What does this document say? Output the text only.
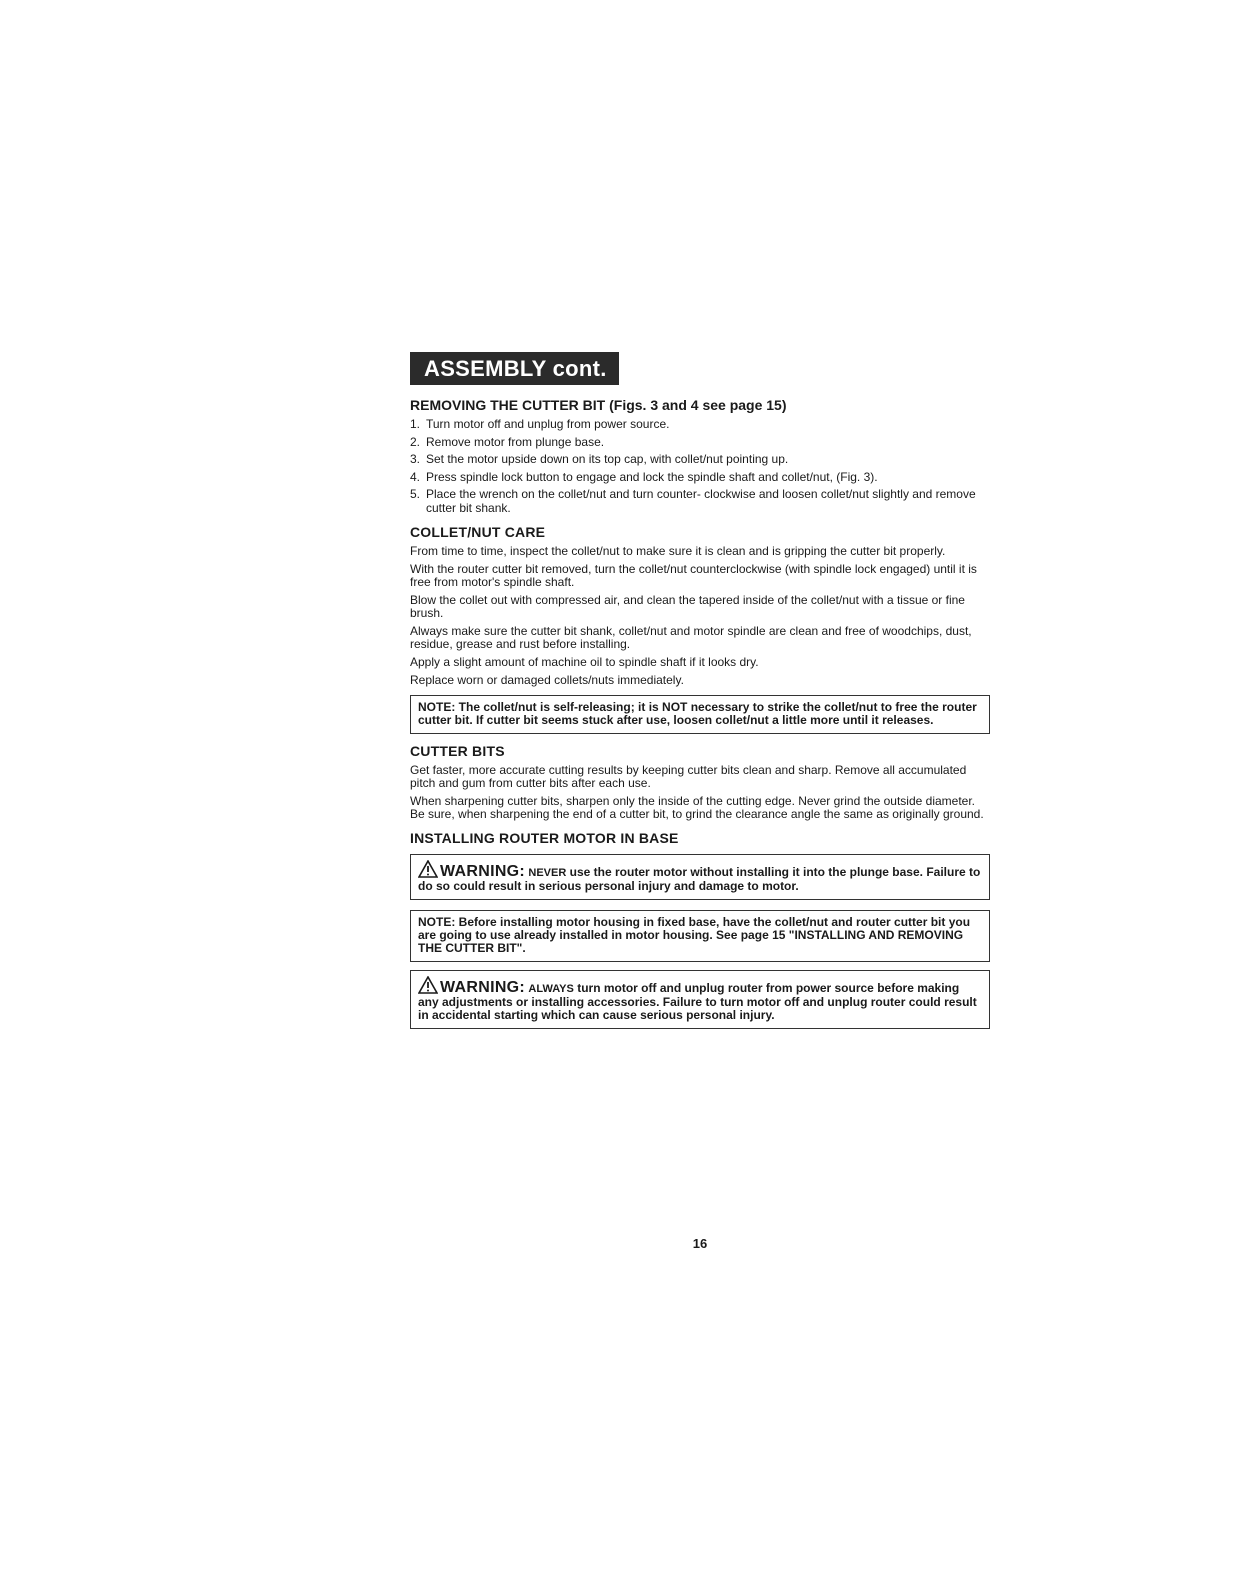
ASSEMBLY cont.
REMOVING THE CUTTER BIT (Figs. 3 and 4 see page 15)
1. Turn motor off and unplug from power source.
2. Remove motor from plunge base.
3. Set the motor upside down on its top cap, with collet/nut pointing up.
4. Press spindle lock button to engage and lock the spindle shaft and collet/nut, (Fig. 3).
5. Place the wrench on the collet/nut and turn counter- clockwise and loosen collet/nut slightly and remove cutter bit shank.
COLLET/NUT CARE

From time to time, inspect the collet/nut to make sure it is clean and is gripping the cutter bit properly.

With the router cutter bit removed, turn the collet/nut counterclockwise (with spindle lock engaged) until it is free from motor's spindle shaft.

Blow the collet out with compressed air, and clean the tapered inside of the collet/nut with a tissue or fine brush.

Always make sure the cutter bit shank, collet/nut and motor spindle are clean and free of woodchips, dust, residue, grease and rust before installing.

Apply a slight amount of machine oil to spindle shaft if it looks dry.

Replace worn or damaged collets/nuts immediately.

NOTE: The collet/nut is self-releasing; it is NOT necessary to strike the collet/nut to free the router cutter bit. If cutter bit seems stuck after use, loosen collet/nut a little more until it releases.
CUTTER BITS

Get faster, more accurate cutting results by keeping cutter bits clean and sharp. Remove all accumulated pitch and gum from cutter bits after each use.

When sharpening cutter bits, sharpen only the inside of the cutting edge. Never grind the outside diameter. Be sure, when sharpening the end of a cutter bit, to grind the clearance angle the same as originally ground.

INSTALLING ROUTER MOTOR IN BASE
WARNING: NEVER use the router motor without installing it into the plunge base. Failure to do so could result in serious personal injury and damage to motor.
NOTE: Before installing motor housing in fixed base, have the collet/nut and router cutter bit you are going to use already installed in motor housing. See page 15 "INSTALLING AND REMOVING THE CUTTER BIT".
WARNING: ALWAYS turn motor off and unplug router from power source before making any adjustments or installing accessories. Failure to turn motor off and unplug router could result in accidental starting which can cause serious personal injury.
16
